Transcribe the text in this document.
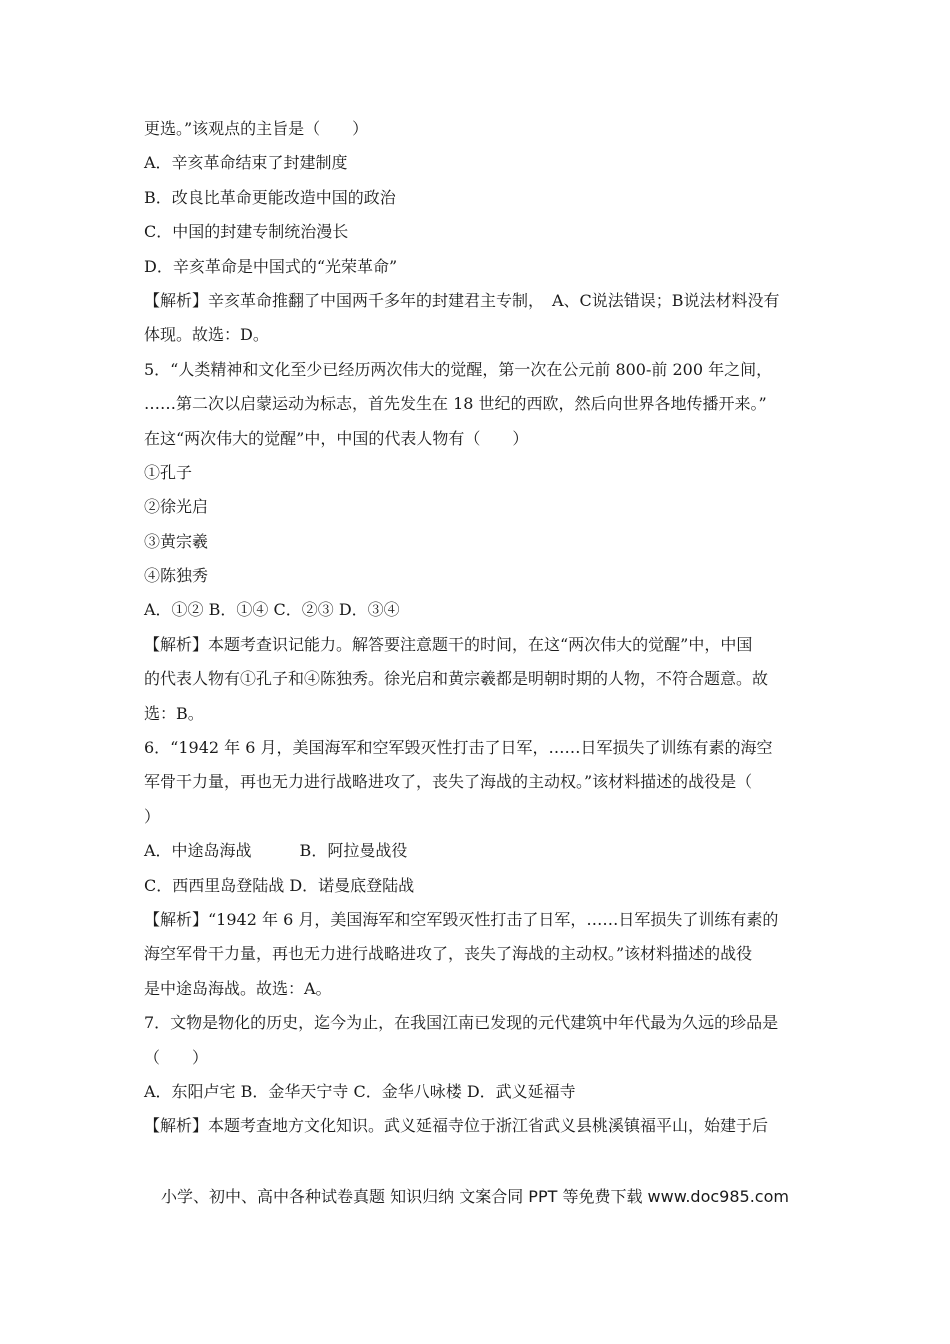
更选。”该观点的主旨是（　　）
A．辛亥革命结束了封建制度
B．改良比革命更能改造中国的政治
C．中国的封建专制统治漫长
D．辛亥革命是中国式的“光荣革命”
【解析】辛亥革命推翻了中国两千多年的封建君主专制，　A、C说法错误；B说法材料没有
体现。故选：D。
5．“人类精神和文化至少已经历两次伟大的觉醒，第一次在公元前 800-前 200 年之间，
……第二次以启蒙运动为标志，首先发生在 18 世纪的西欧，然后向世界各地传播开来。”
在这“两次伟大的觉醒”中，中国的代表人物有（　　）
①孔子
②徐光启
③黄宗羲
④陈独秀
A．①② B．①④ C．②③ D．③④
【解析】本题考查识记能力。解答要注意题干的时间，在这“两次伟大的觉醒”中，中国
的代表人物有①孔子和④陈独秀。徐光启和黄宗羲都是明朝时期的人物，不符合题意。故
选：B。
6．“1942 年 6 月，美国海军和空军毁灭性打击了日军，……日军损失了训练有素的海空
军骨干力量，再也无力进行战略进攻了，丧失了海战的主动权。”该材料描述的战役是（
）
A．中途岛海战　　　B．阿拉曼战役
C．西西里岛登陆战 D．诺曼底登陆战
【解析】“1942 年 6 月，美国海军和空军毁灭性打击了日军，……日军损失了训练有素的
海空军骨干力量，再也无力进行战略进攻了，丧失了海战的主动权。”该材料描述的战役
是中途岛海战。故选：A。
7．文物是物化的历史，迄今为止，在我国江南已发现的元代建筑中年代最为久远的珍品是
（　　）
A．东阳卢宅 B．金华天宁寺 C．金华八咏楼 D．武义延福寺
【解析】本题考查地方文化知识。武义延福寺位于浙江省武义县桃溪镇福平山，始建于后
小学、初中、高中各种试卷真题 知识归纳 文案合同 PPT 等免费下载 www.doc985.com
